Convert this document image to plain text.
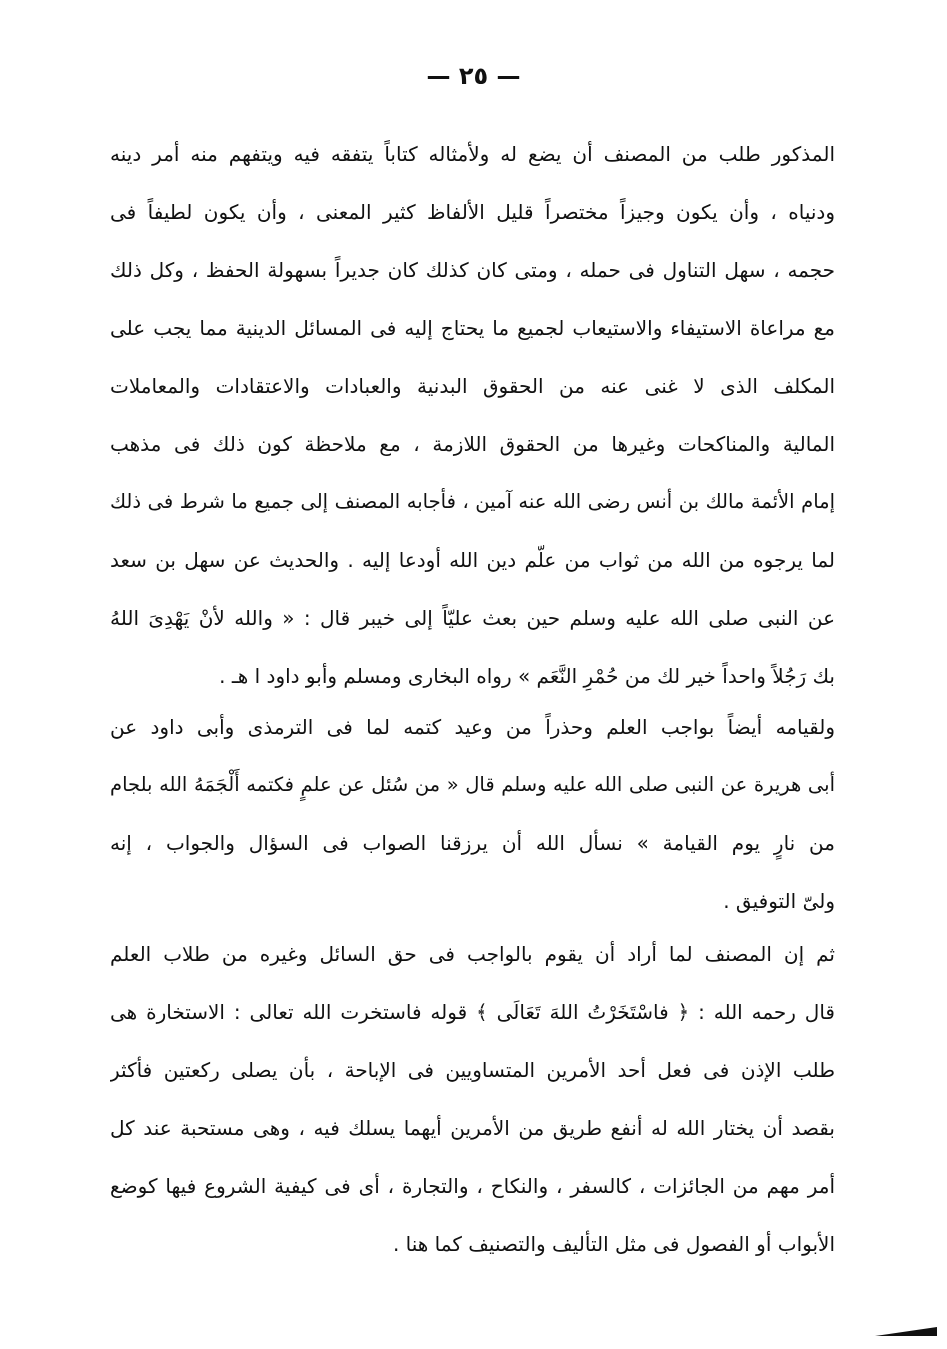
— ٢٥ —
المذكور طلب من المصنف أن يضع له ولأمثاله كتاباً يتفقه فيه ويتفهم منه أمر دينه
ودنياه ، وأن يكون وجيزاً مختصراً قليل الألفاظ كثير المعنى ، وأن يكون لطيفاً فى
حجمه ، سهل التناول فى حمله ، ومتى كان كذلك كان جديراً بسهولة الحفظ ، وكل ذلك
مع مراعاة الاستيفاء والاستيعاب لجميع ما يحتاج إليه فى المسائل الدينية مما يجب على
المكلف الذى لا غنى عنه من الحقوق البدنية والعبادات والاعتقادات والمعاملات
المالية والمناكحات وغيرها من الحقوق اللازمة ، مع ملاحظة كون ذلك فى مذهب
إمام الأئمة مالك بن أنس رضى الله عنه آمين ، فأجابه المصنف إلى جميع ما شرط فى ذلك
لما يرجوه من الله من ثواب من علّم دين الله أودعا إليه . والحديث عن سهل بن سعد
عن النبى صلى الله عليه وسلم حين بعث عليّاً إلى خيبر قال : « والله لأنْ يَهْدِىَ اللهُ
بك رَجُلاً واحداً خير لك من حُمْرِ النَّعَم » رواه البخارى ومسلم وأبو داود ا هـ .
ولقيامه أيضاً بواجب العلم وحذراً من وعيد كتمه لما فى الترمذى وأبى داود عن
أبى هريرة عن النبى صلى الله عليه وسلم قال « من سُئل عن علمٍ فكتمه أَلْجَمَهُ الله بلجام
من نارٍ يوم القيامة » نسأل الله أن يرزقنا الصواب فى السؤال والجواب ، إنه
ولىّ التوفيق .
ثم إن المصنف لما أراد أن يقوم بالواجب فى حق السائل وغيره من طلاب العلم
قال رحمه الله : ﴿ فاسْتَخَرْتُ اللهَ تَعَالَى ﴾ قوله فاستخرت الله تعالى : الاستخارة هى
طلب الإذن فى فعل أحد الأمرين المتساويين فى الإباحة ، بأن يصلى ركعتين فأكثر
بقصد أن يختار الله له أنفع طريق من الأمرين أيهما يسلك فيه ، وهى مستحبة عند كل
أمر مهم من الجائزات ، كالسفر ، والنكاح ، والتجارة ، أى فى كيفية الشروع فيها كوضع
الأبواب أو الفصول فى مثل التأليف والتصنيف كما هنا .
